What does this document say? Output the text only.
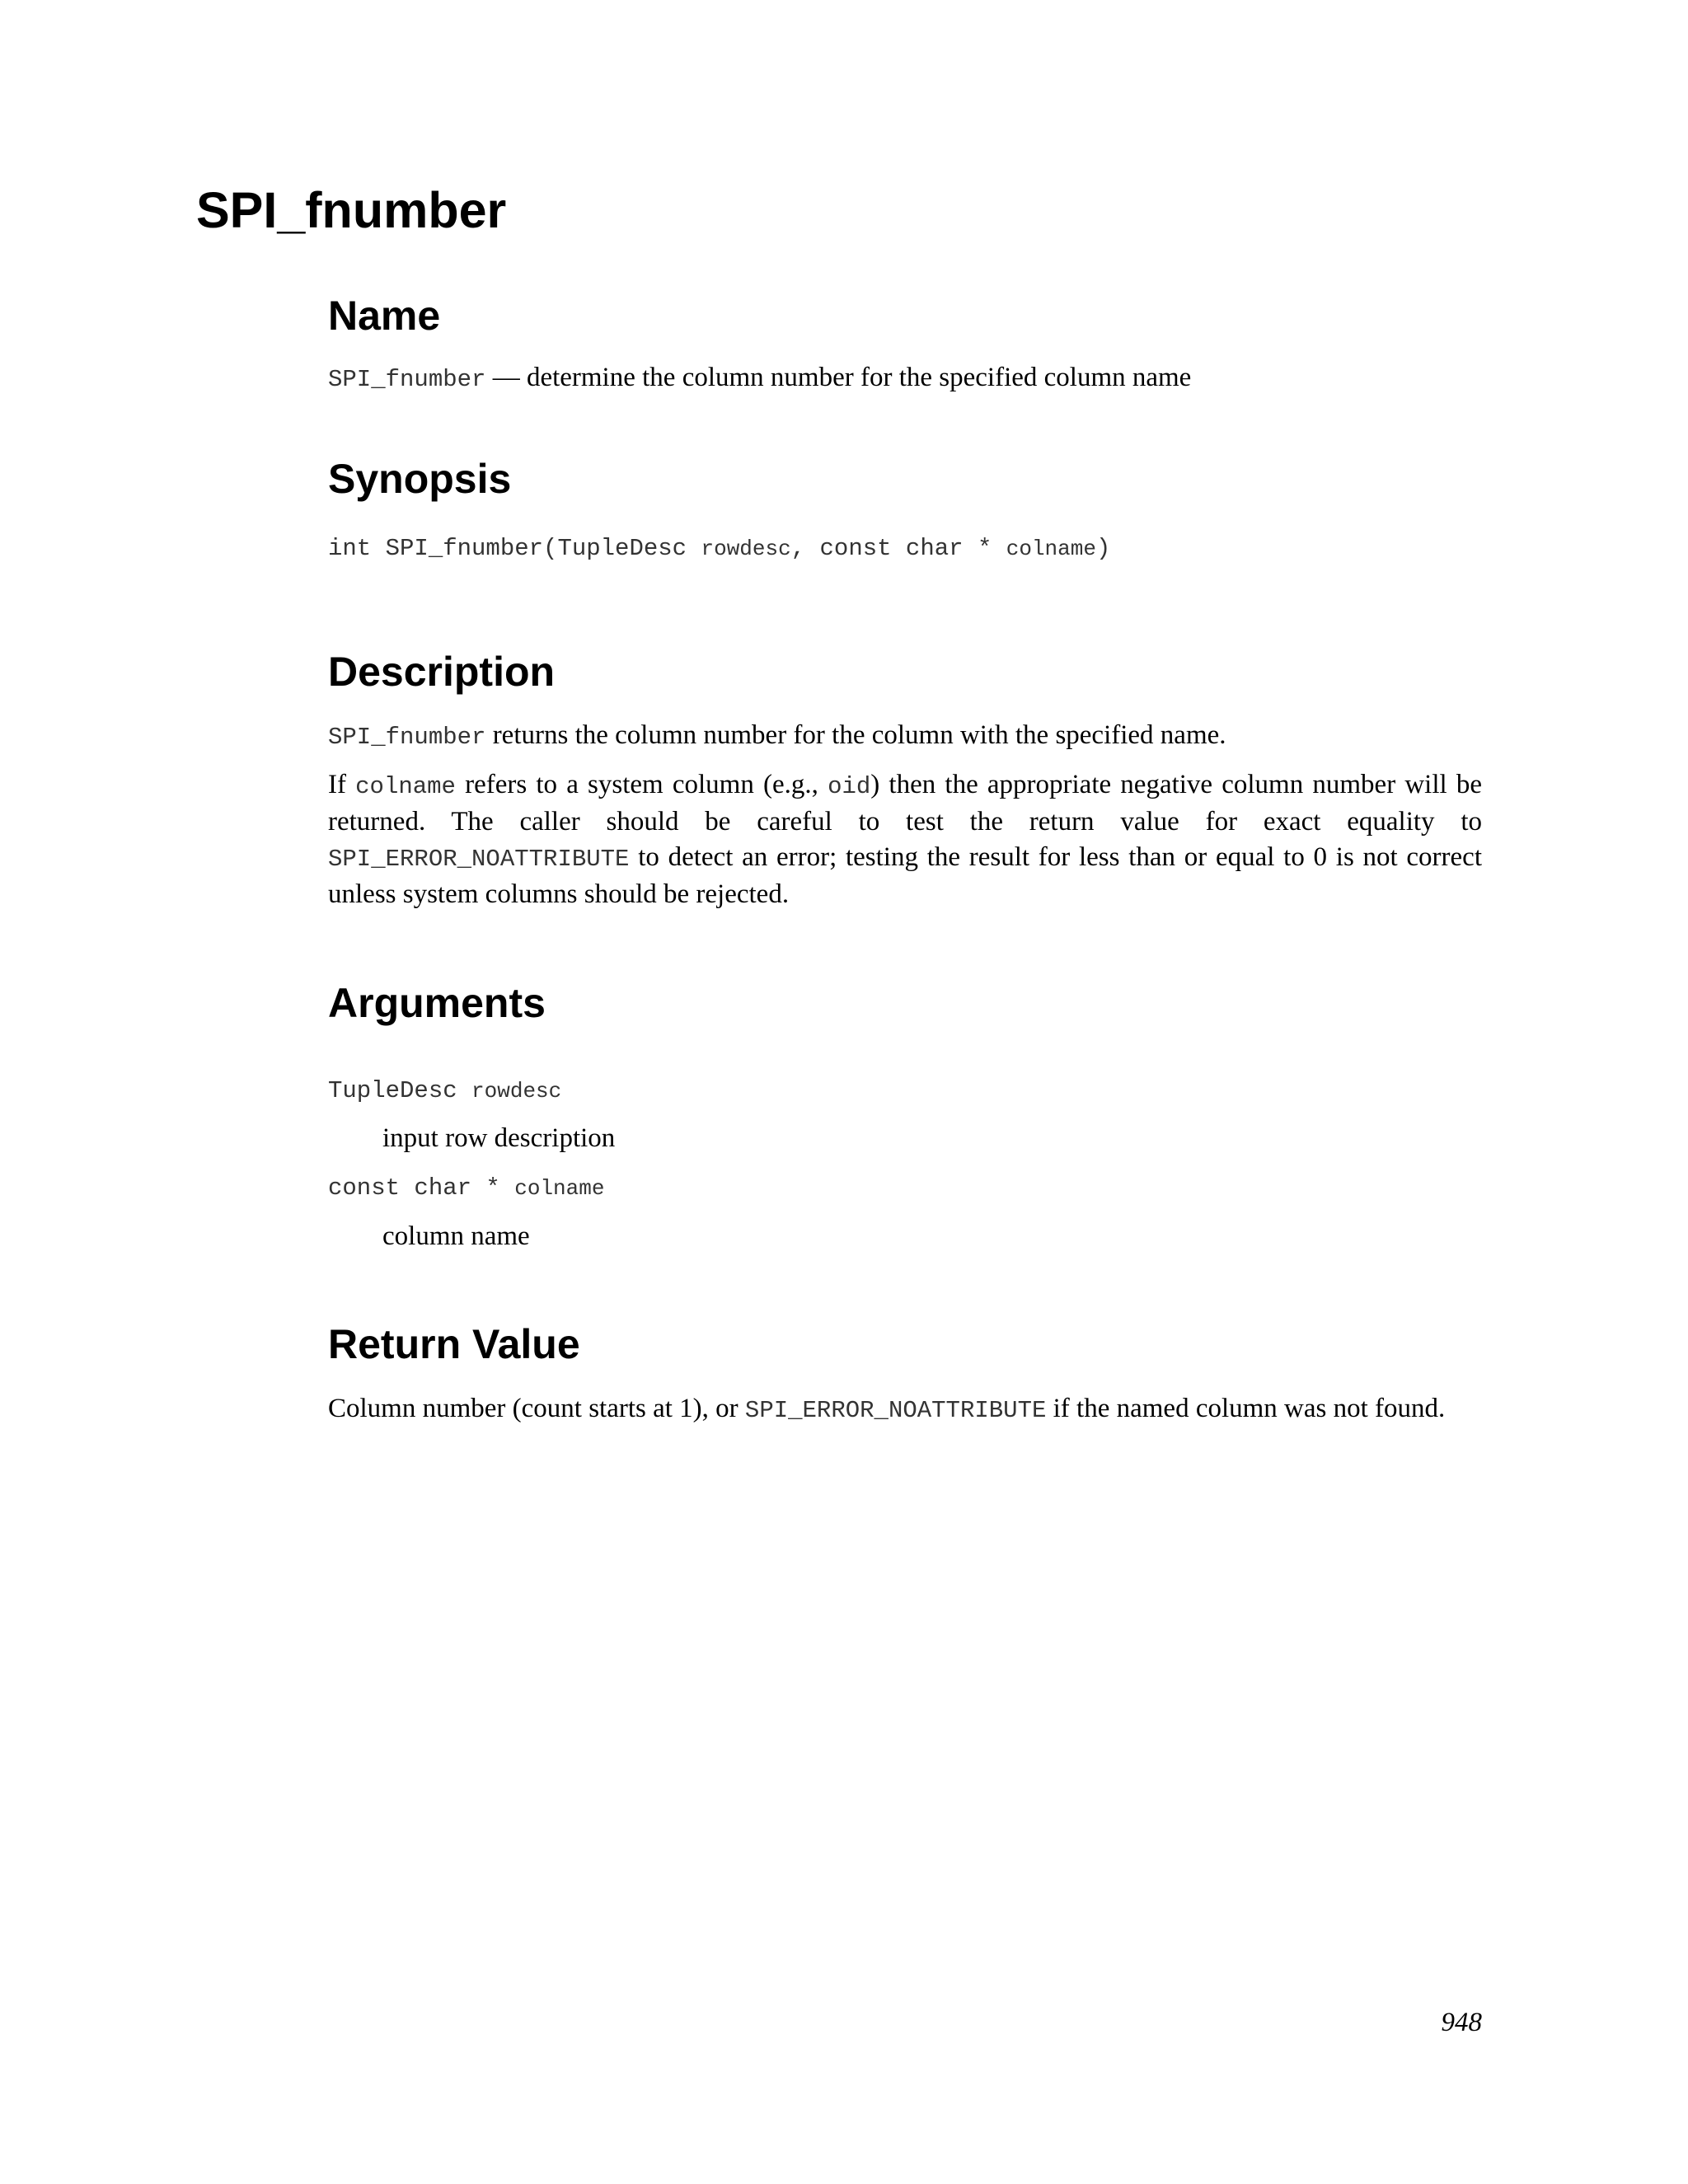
SPI_fnumber
Name

SPI_fnumber — determine the column number for the specified column name

Synopsis

int SPI_fnumber(TupleDesc rowdesc, const char * colname)

Description

SPI_fnumber returns the column number for the column with the specified name.

If colname refers to a system column (e.g., oid) then the appropriate negative column number will be returned. The caller should be careful to test the return value for exact equality to SPI_ERROR_NOATTRIBUTE to detect an error; testing the result for less than or equal to 0 is not correct unless system columns should be rejected.

Arguments

TupleDesc rowdesc

input row description

const char * colname

column name

Return Value

Column number (count starts at 1), or SPI_ERROR_NOATTRIBUTE if the named column was not found.

948
